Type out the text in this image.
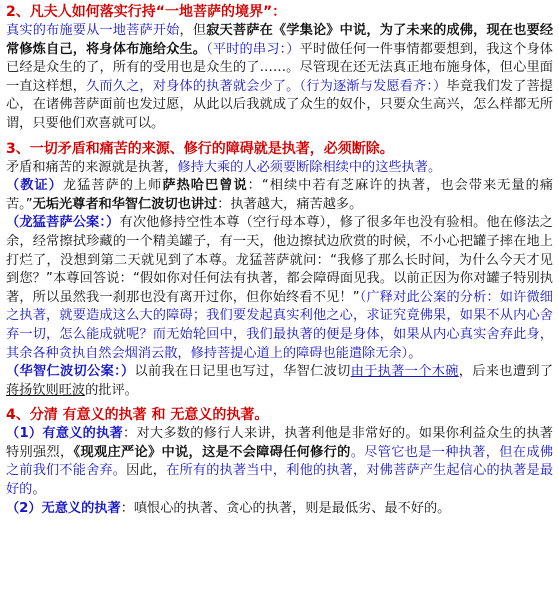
2、凡夫人如何落实行持“一地菩萨的境界”：

真实的布施要从一地菩萨开始，但寂天菩萨在《学集论》中说，为了未来的成佛，现在也要经常修炼自己，将身体布施给众生。（平时的串习：）平时做任何一件事情都要想到，我这个身体已经是众生的了，所有的受用也是众生的了……。尽管现在还无法真正地布施身体，但心里面一直这样想，久而久之，对身体的执著就会少了。（行为逐渐与发愿看齐：）毕竟我们发了菩提心，在诸佛菩萨面前也发过愿，从此以后我就成了众生的奴仆，只要众生高兴，怎么样都无所谓，只要他们欢喜就可以。

3、一切矛盾和痛苦的来源、修行的障碍就是执著，必须断除。

矛盾和痛苦的来源就是执著，修持大乘的人必须要断除相续中的这些执著。

（教证）龙猛菩萨的上师萨热哈巴曾说：“相续中若有芝麻许的执著，也会带来无量的痛苦。”无垢光尊者和华智仁波切也讲过：执著越大，痛苦越多。

（龙猛菩萨公案：）有次他修持空性本尊（空行母本尊），修了很多年也没有验相。他在修法之余，经常擦拭珍藏的一个精美罐子，有一天，他边擦拭边欣赏的时候，不小心把罐子摔在地上打烂了，没想到第二天就见到了本尊。龙猛菩萨就问：“我修了那么长时间，为什么今天才见到您？”本尊回答说：“假如你对任何法有执著，都会障碍面见我。以前正因为你对罐子特别执著，所以虽然我一刹那也没有离开过你，但你始终看不见！”（广释对此公案的分析：如许微细之执著，就要造成这么大的障碍；我们要发起真实利他之心，求证究竟佛果，如果不从内心舍弃一切，怎么能成就呢？而无始轮回中，我们最执著的便是身体，如果从内心真实舍弃此身，其余各种贪执自然会烟消云散，修持菩提心道上的障碍也能遣除无余）。

（华智仁波切公案：）以前我在日记里也写过，华智仁波切由于执著一个木碗，后来也遭到了蒋扬钦则旺波的批评。

4、分清 有意义的执著 和 无意义的执著。

（1）有意义的执著：对大多数的修行人来讲，执著利他是非常好的。如果你利益众生的执著特别强烈，《现观庄严论》中说，这是不会障碍任何修行的。尽管它也是一种执著，但在成佛之前我们不能舍弃。因此，在所有的执著当中，利他的执著，对佛菩萨产生起信心的执著是最好的。

（2）无意义的执著：嗔恨心的执著、贪心的执著，则是最低劣、最不好的。
